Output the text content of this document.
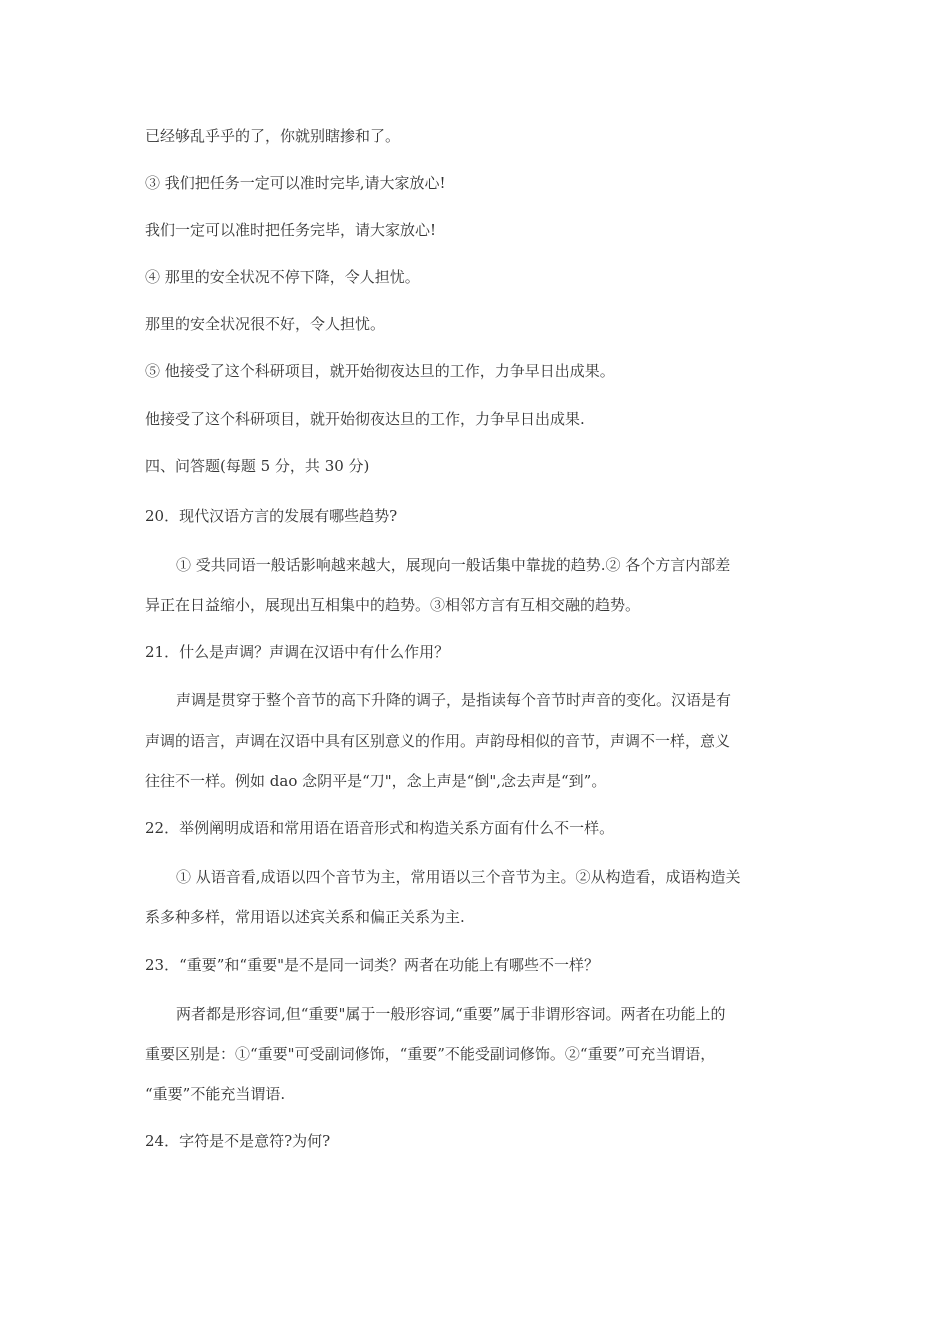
已经够乱乎乎的了，你就别瞎掺和了。
③ 我们把任务一定可以准时完毕,请大家放心!
我们一定可以准时把任务完毕，请大家放心!
④ 那里的安全状况不停下降，令人担忧。
那里的安全状况很不好，令人担忧。
⑤ 他接受了这个科研项目，就开始彻夜达旦的工作，力争早日出成果。
他接受了这个科研项目，就开始彻夜达旦的工作，力争早日出成果.
四、问答题(每题 5 分，共 30 分)
20．现代汉语方言的发展有哪些趋势?
① 受共同语一般话影响越来越大，展现向一般话集中靠拢的趋势.② 各个方言内部差
异正在日益缩小，展现出互相集中的趋势。③相邻方言有互相交融的趋势。
21．什么是声调？声调在汉语中有什么作用？
声调是贯穿于整个音节的高下升降的调子，是指读每个音节时声音的变化。汉语是有
声调的语言，声调在汉语中具有区别意义的作用。声韵母相似的音节，声调不一样，意义
往往不一样。例如 dao 念阴平是“刀"，念上声是“倒",念去声是“到”。
22．举例阐明成语和常用语在语音形式和构造关系方面有什么不一样。
① 从语音看,成语以四个音节为主，常用语以三个音节为主。②从构造看，成语构造关
系多种多样，常用语以述宾关系和偏正关系为主.
23．“重要”和“重要"是不是同一词类？两者在功能上有哪些不一样？
两者都是形容词,但“重要"属于一般形容词,“重要”属于非谓形容词。两者在功能上的
重要区别是：①“重要"可受副词修饰，“重要”不能受副词修饰。②“重要”可充当谓语，
“重要”不能充当谓语.
24．字符是不是意符?为何?
